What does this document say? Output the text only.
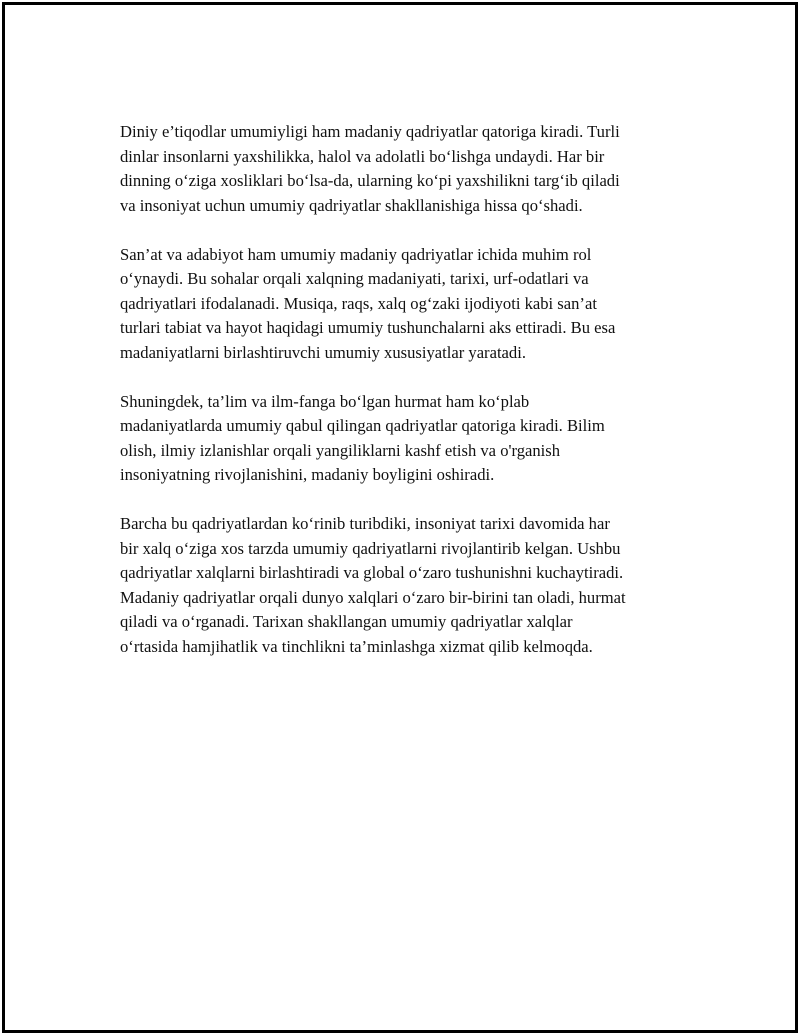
Diniy e’tiqodlar umumiyligi ham madaniy qadriyatlar qatoriga kiradi. Turli
dinlar insonlarni yaxshilikka, halol va adolatli bo‘lishga undaydi. Har bir
dinning o‘ziga xosliklari bo‘lsa-da, ularning ko‘pi yaxshilikni targ‘ib qiladi
va insoniyat uchun umumiy qadriyatlar shakllanishiga hissa qo‘shadi.

San’at va adabiyot ham umumiy madaniy qadriyatlar ichida muhim rol
o‘ynaydi. Bu sohalar orqali xalqning madaniyati, tarixi, urf-odatlari va
qadriyatlari ifodalanadi. Musiqa, raqs, xalq og‘zaki ijodiyoti kabi san’at
turlari tabiat va hayot haqidagi umumiy tushunchalarni aks ettiradi. Bu esa
madaniyatlarni birlashtiruvchi umumiy xususiyatlar yaratadi.

Shuningdek, ta’lim va ilm-fanga bo‘lgan hurmat ham ko‘plab
madaniyatlarda umumiy qabul qilingan qadriyatlar qatoriga kiradi. Bilim
olish, ilmiy izlanishlar orqali yangiliklarni kashf etish va o'rganish
insoniyatning rivojlanishini, madaniy boyligini oshiradi.

Barcha bu qadriyatlardan ko‘rinib turibdiki, insoniyat tarixi davomida har
bir xalq o‘ziga xos tarzda umumiy qadriyatlarni rivojlantirib kelgan. Ushbu
qadriyatlar xalqlarni birlashtiradi va global o‘zaro tushunishni kuchaytiradi.
Madaniy qadriyatlar orqali dunyo xalqlari o‘zaro bir-birini tan oladi, hurmat
qiladi va o‘rganadi. Tarixan shakllangan umumiy qadriyatlar xalqlar
o‘rtasida hamjihatlik va tinchlikni ta’minlashga xizmat qilib kelmoqda.
